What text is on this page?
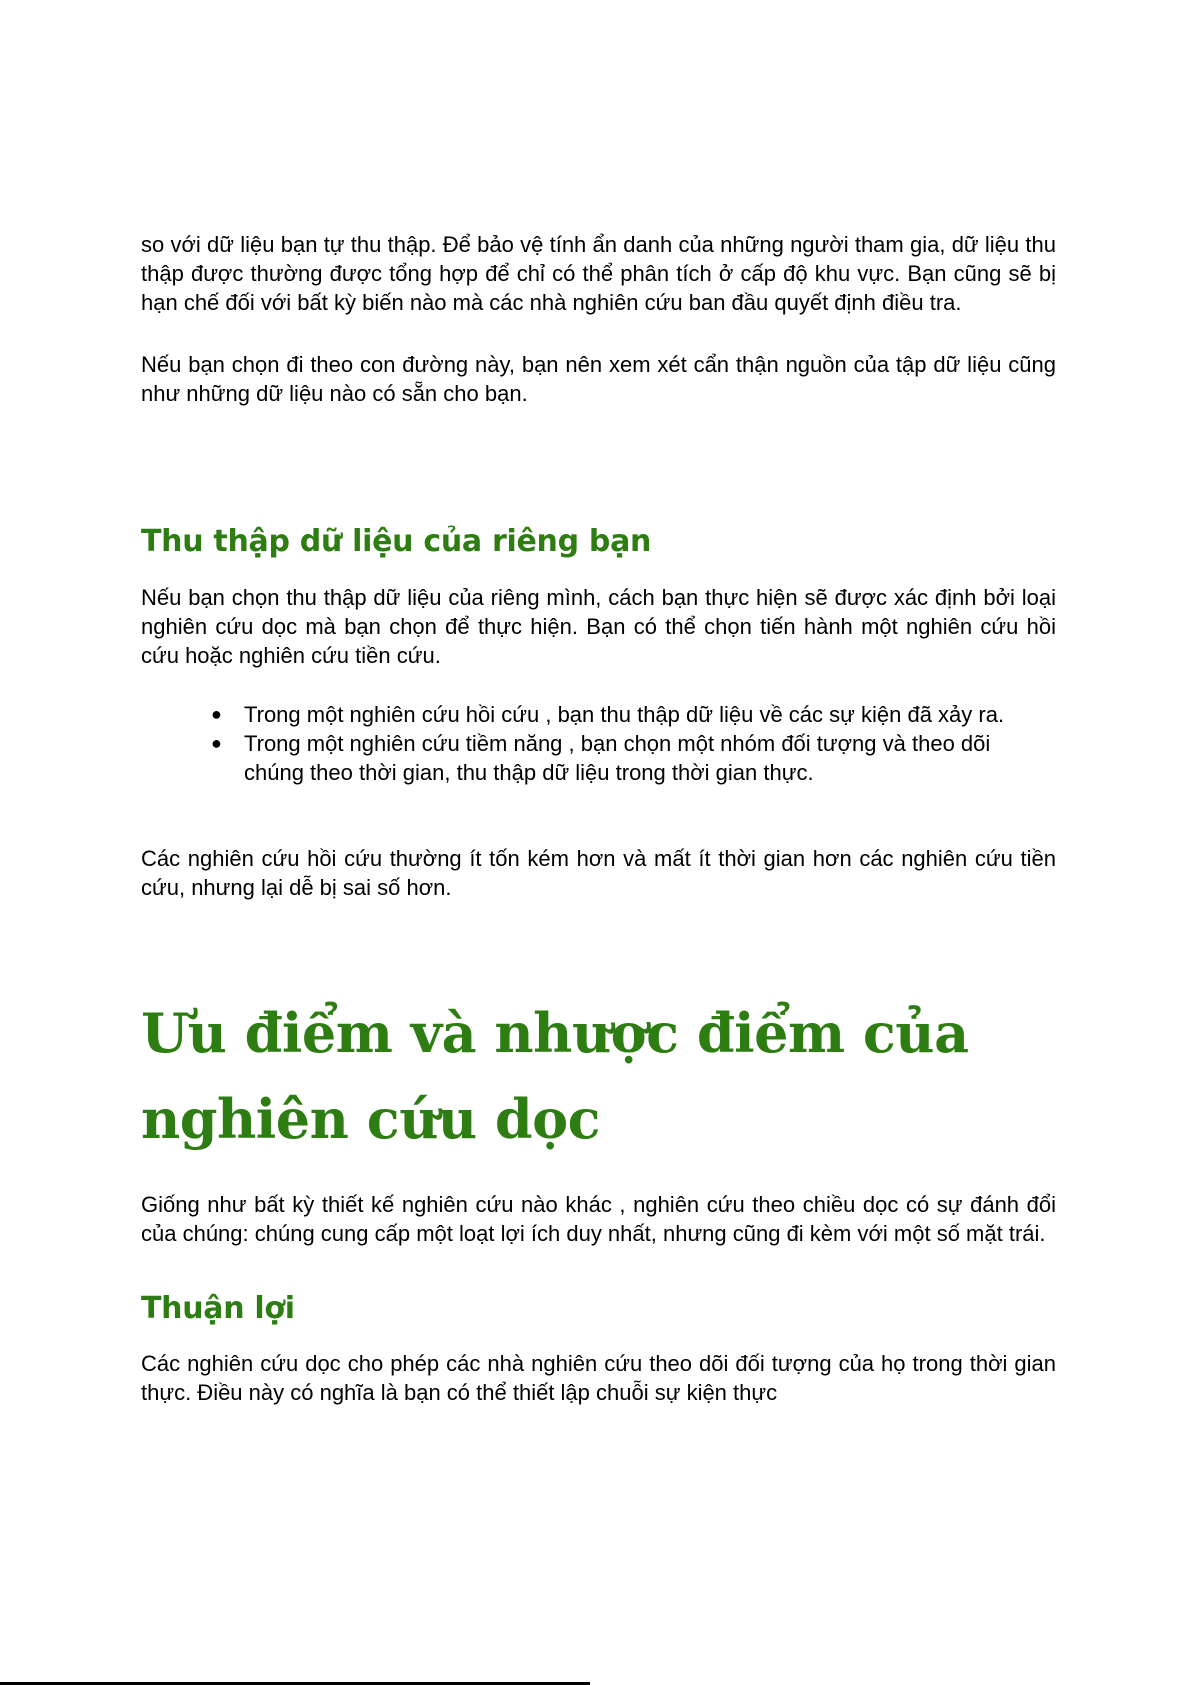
so với dữ liệu bạn tự thu thập. Để bảo vệ tính ẩn danh của những người tham gia, dữ liệu thu thập được thường được tổng hợp để chỉ có thể phân tích ở cấp độ khu vực. Bạn cũng sẽ bị hạn chế đối với bất kỳ biến nào mà các nhà nghiên cứu ban đầu quyết định điều tra.

Nếu bạn chọn đi theo con đường này, bạn nên xem xét cẩn thận nguồn của tập dữ liệu cũng như những dữ liệu nào có sẵn cho bạn.

Thu thập dữ liệu của riêng bạn

Nếu bạn chọn thu thập dữ liệu của riêng mình, cách bạn thực hiện sẽ được xác định bởi loại nghiên cứu dọc mà bạn chọn để thực hiện. Bạn có thể chọn tiến hành một nghiên cứu hồi cứu hoặc nghiên cứu tiền cứu.

● Trong một nghiên cứu hồi cứu , bạn thu thập dữ liệu về các sự kiện đã xảy ra.
● Trong một nghiên cứu tiềm năng , bạn chọn một nhóm đối tượng và theo dõi chúng theo thời gian, thu thập dữ liệu trong thời gian thực.

Các nghiên cứu hồi cứu thường ít tốn kém hơn và mất ít thời gian hơn các nghiên cứu tiền cứu, nhưng lại dễ bị sai số hơn.

Ưu điểm và nhược điểm của nghiên cứu dọc

Giống như bất kỳ thiết kế nghiên cứu nào khác , nghiên cứu theo chiều dọc có sự đánh đổi của chúng: chúng cung cấp một loạt lợi ích duy nhất, nhưng cũng đi kèm với một số mặt trái.

Thuận lợi

Các nghiên cứu dọc cho phép các nhà nghiên cứu theo dõi đối tượng của họ trong thời gian thực. Điều này có nghĩa là bạn có thể thiết lập chuỗi sự kiện thực
